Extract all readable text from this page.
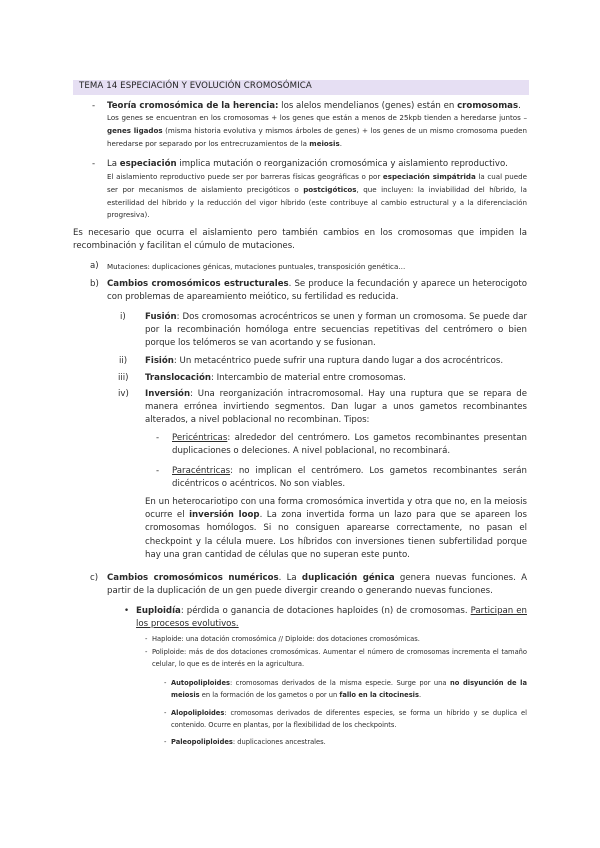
TEMA 14 ESPECIACIÓN Y EVOLUCIÓN CROMOSÓMICA
- Teoría cromosómica de la herencia: los alelos mendelianos (genes) están en cromosomas.
Los genes se encuentran en los cromosomas + los genes que están a menos de 25kpb tienden a heredarse juntos – genes ligados (misma historia evolutiva y mismos árboles de genes) + los genes de un mismo cromosoma pueden heredarse por separado por los entrecruzamientos de la meiosis.
- La especiación implica mutación o reorganización cromosómica y aislamiento reproductivo.
El aislamiento reproductivo puede ser por barreras físicas geográficas o por especiación simpátrida la cual puede ser por mecanismos de aislamiento precigóticos o postcigóticos, que incluyen: la inviabilidad del híbrido, la esterilidad del híbrido y la reducción del vigor híbrido (este contribuye al cambio estructural y a la diferenciación progresiva).
Es necesario que ocurra el aislamiento pero también cambios en los cromosomas que impiden la recombinación y facilitan el cúmulo de mutaciones.
a) Mutaciones: duplicaciones génicas, mutaciones puntuales, transposición genética…
b) Cambios cromosómicos estructurales. Se produce la fecundación y aparece un heterocigoto con problemas de apareamiento meiótico, su fertilidad es reducida.
i) Fusión: Dos cromosomas acrocéntricos se unen y forman un cromosoma. Se puede dar por la recombinación homóloga entre secuencias repetitivas del centrómero o bien porque los telómeros se van acortando y se fusionan.
ii) Fisión: Un metacéntrico puede sufrir una ruptura dando lugar a dos acrocéntricos.
iii) Translocación: Intercambio de material entre cromosomas.
iv) Inversión: Una reorganización intracromosomal. Hay una ruptura que se repara de manera errónea invirtiendo segmentos. Dan lugar a unos gametos recombinantes alterados, a nivel poblacional no recombinan. Tipos:
- Pericéntricas: alrededor del centrómero. Los gametos recombinantes presentan duplicaciones o deleciones. A nivel poblacional, no recombinará.
- Paracéntricas: no implican el centrómero. Los gametos recombinantes serán dicéntricos o acéntricos. No son viables.
En un heterocariotipo con una forma cromosómica invertida y otra que no, en la meiosis ocurre el inversión loop. La zona invertida forma un lazo para que se apareen los cromosomas homólogos. Si no consiguen aparearse correctamente, no pasan el checkpoint y la célula muere. Los híbridos con inversiones tienen subfertilidad porque hay una gran cantidad de células que no superan este punto.
c) Cambios cromosómicos numéricos. La duplicación génica genera nuevas funciones. A partir de la duplicación de un gen puede divergir creando o generando nuevas funciones.
• Euploidía: pérdida o ganancia de dotaciones haploides (n) de cromosomas. Participan en los procesos evolutivos.
- Haploide: una dotación cromosómica // Diploide: dos dotaciones cromosómicas.
- Poliploide: más de dos dotaciones cromosómicas. Aumentar el número de cromosomas incrementa el tamaño celular, lo que es de interés en la agricultura.
- Autopoliploides: cromosomas derivados de la misma especie. Surge por una no disyunción de la meiosis en la formación de los gametos o por un fallo en la citocinesis.
- Alopoliploides: cromosomas derivados de diferentes especies, se forma un híbrido y se duplica el contenido. Ocurre en plantas, por la flexibilidad de los checkpoints.
- Paleopoliploides: duplicaciones ancestrales.
